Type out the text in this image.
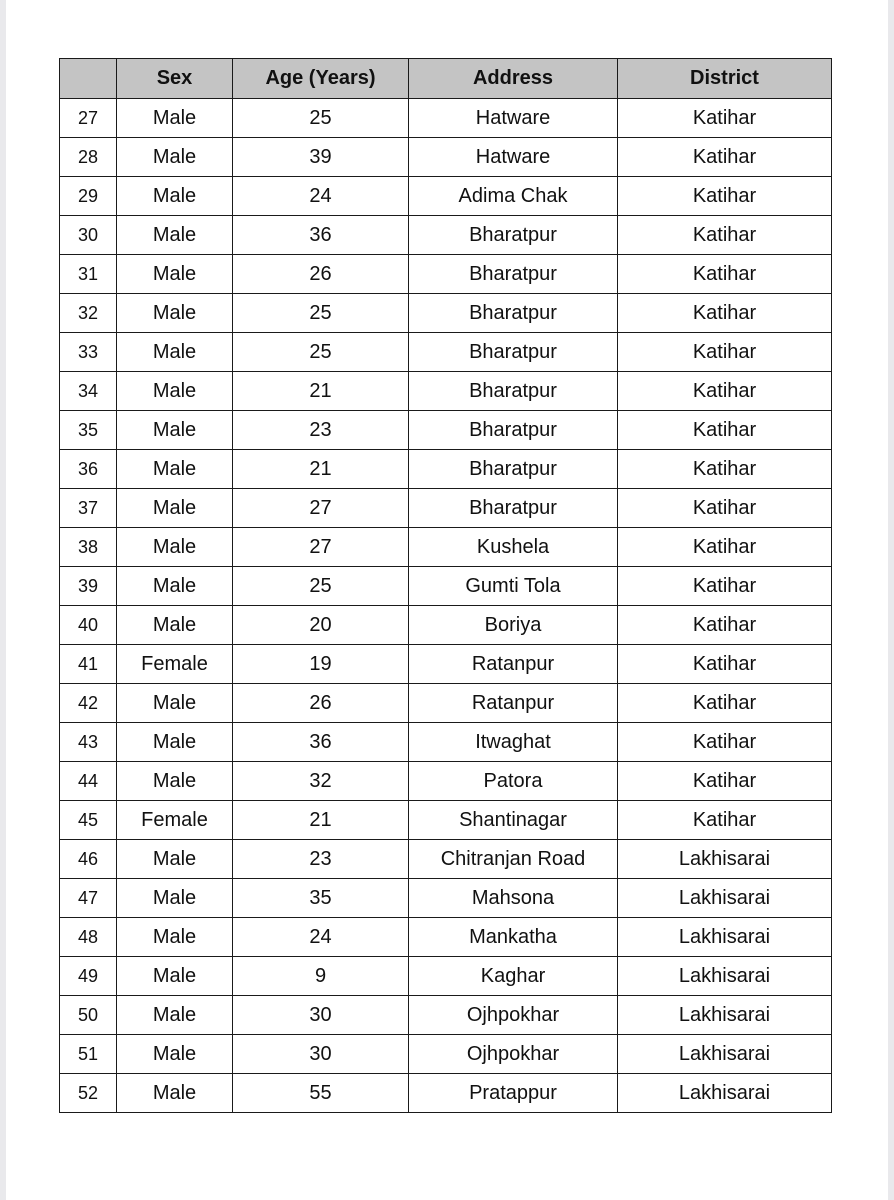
	Sex	Age (Years)	Address	District
27	Male	25	Hatware	Katihar
28	Male	39	Hatware	Katihar
29	Male	24	Adima Chak	Katihar
30	Male	36	Bharatpur	Katihar
31	Male	26	Bharatpur	Katihar
32	Male	25	Bharatpur	Katihar
33	Male	25	Bharatpur	Katihar
34	Male	21	Bharatpur	Katihar
35	Male	23	Bharatpur	Katihar
36	Male	21	Bharatpur	Katihar
37	Male	27	Bharatpur	Katihar
38	Male	27	Kushela	Katihar
39	Male	25	Gumti Tola	Katihar
40	Male	20	Boriya	Katihar
41	Female	19	Ratanpur	Katihar
42	Male	26	Ratanpur	Katihar
43	Male	36	Itwaghat	Katihar
44	Male	32	Patora	Katihar
45	Female	21	Shantinagar	Katihar
46	Male	23	Chitranjan Road	Lakhisarai
47	Male	35	Mahsona	Lakhisarai
48	Male	24	Mankatha	Lakhisarai
49	Male	9	Kaghar	Lakhisarai
50	Male	30	Ojhpokhar	Lakhisarai
51	Male	30	Ojhpokhar	Lakhisarai
52	Male	55	Pratappur	Lakhisarai
